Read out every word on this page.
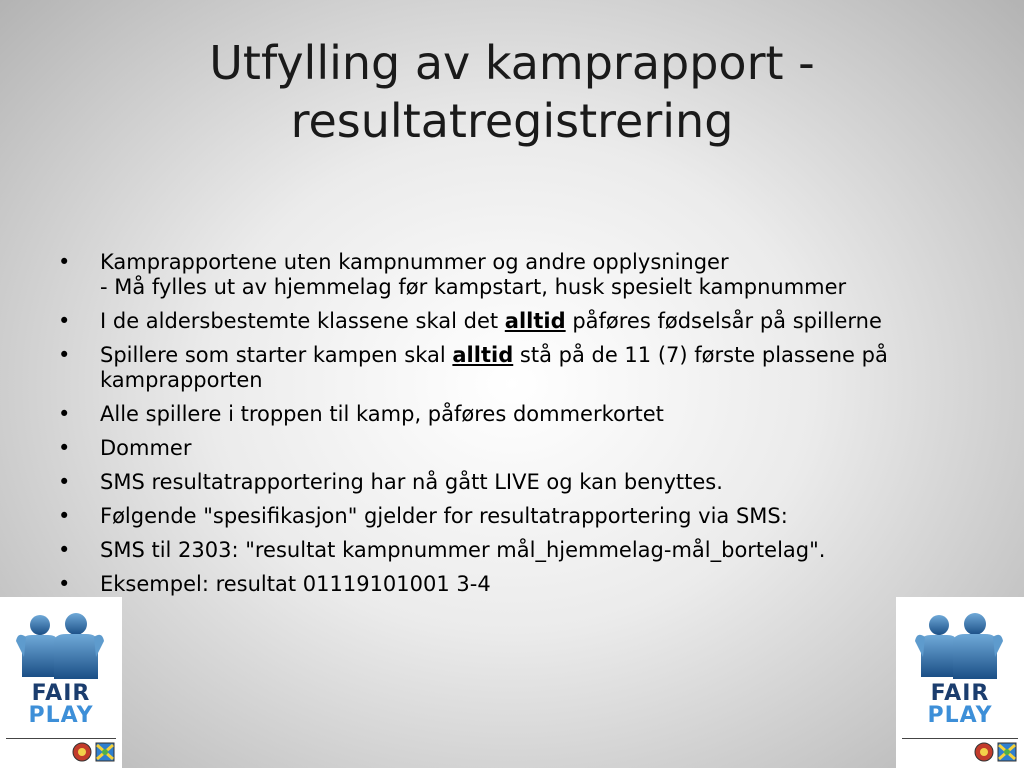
Utfylling av kamprapport -
resultatregistrering
• Kamprapportene uten kampnummer og andre opplysninger
- Må fylles ut av hjemmelag før kampstart, husk spesielt kampnummer
• I de aldersbestemte klassene skal det alltid påføres fødselsår på spillerne
• Spillere som starter kampen skal alltid stå på de 11 (7) første plassene på kamprapporten
• Alle spillere i troppen til kamp, påføres dommerkortet
• Dommer
• SMS resultatrapportering har nå gått LIVE og kan benyttes.
• Følgende "spesifikasjon" gjelder for resultatrapportering via SMS:
• SMS til 2303: "resultat kampnummer mål_hjemmelag-mål_bortelag".
• Eksempel: resultat 01119101001 3-4
FAIR
PLAY
FAIR
PLAY
